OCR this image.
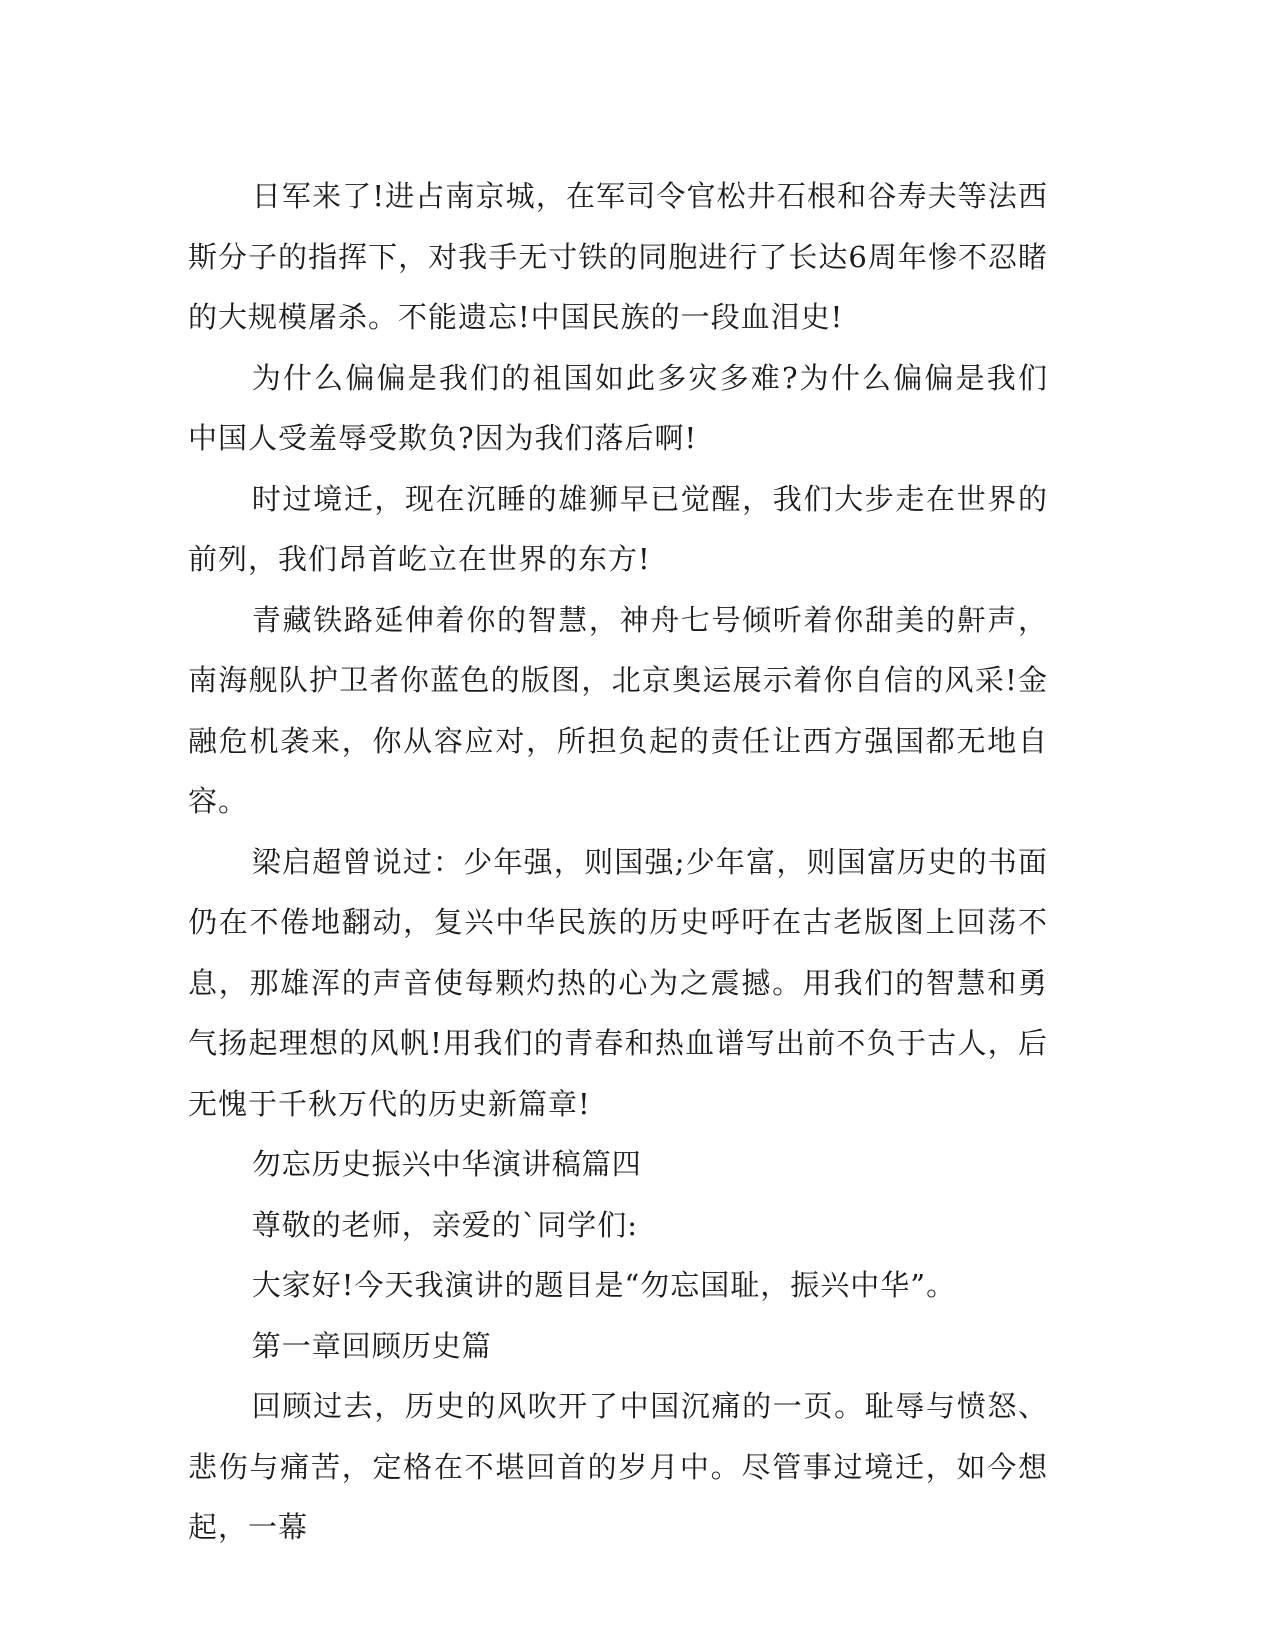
日军来了!进占南京城，在军司令官松井石根和谷寿夫等法西斯分子的指挥下，对我手无寸铁的同胞进行了长达6周年惨不忍睹的大规模屠杀。不能遗忘!中国民族的一段血泪史!

为什么偏偏是我们的祖国如此多灾多难?为什么偏偏是我们中国人受羞辱受欺负?因为我们落后啊!

时过境迁，现在沉睡的雄狮早已觉醒，我们大步走在世界的前列，我们昂首屹立在世界的东方!

青藏铁路延伸着你的智慧，神舟七号倾听着你甜美的鼾声，南海舰队护卫者你蓝色的版图，北京奥运展示着你自信的风采!金融危机袭来，你从容应对，所担负起的责任让西方强国都无地自容。

梁启超曾说过：少年强，则国强;少年富，则国富历史的书面仍在不倦地翻动，复兴中华民族的历史呼吁在古老版图上回荡不息，那雄浑的声音使每颗灼热的心为之震撼。用我们的智慧和勇气扬起理想的风帆!用我们的青春和热血谱写出前不负于古人，后无愧于千秋万代的历史新篇章!

勿忘历史振兴中华演讲稿篇四

尊敬的老师，亲爱的`同学们:

大家好!今天我演讲的题目是“勿忘国耻，振兴中华”。

第一章回顾历史篇

回顾过去，历史的风吹开了中国沉痛的一页。耻辱与愤怒、悲伤与痛苦，定格在不堪回首的岁月中。尽管事过境迁，如今想起，一幕
